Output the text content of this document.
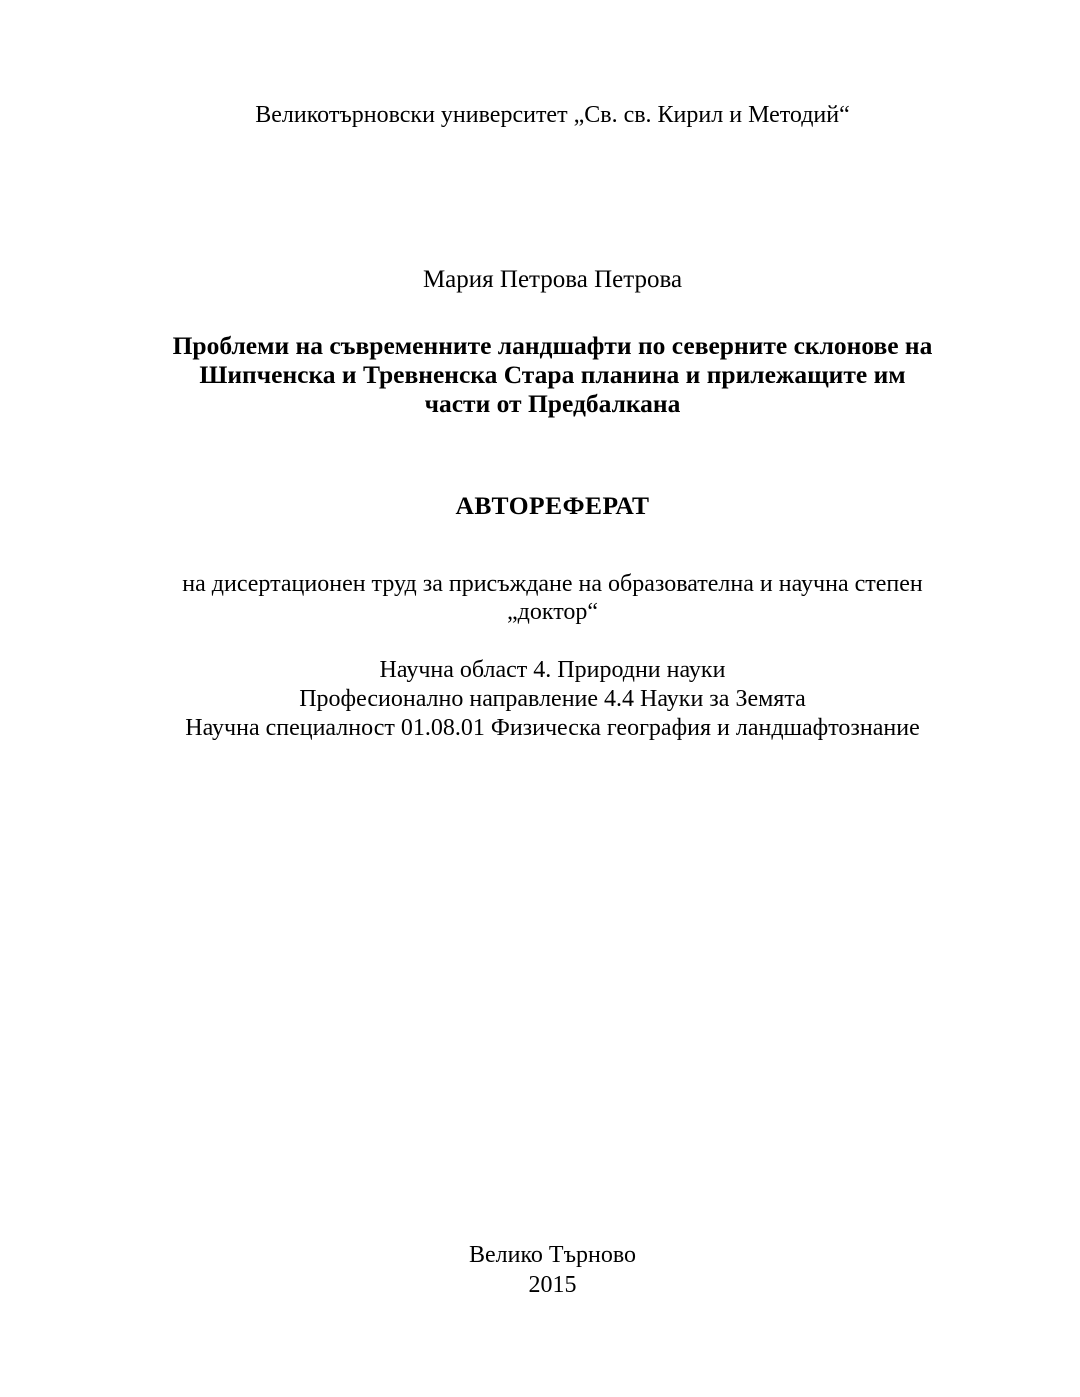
Великотърновски университет „Св. св. Кирил и Методий“
Мария Петрова Петрова
Проблеми на съвременните ландшафти по северните склонове на
Шипченска и Тревненска Стара планина и прилежащите им
части от Предбалкана
АВТОРЕФЕРАТ
на дисертационен труд за присъждане на образователна и научна степен
„доктор“
Научна област 4. Природни науки
Професионално направление 4.4 Науки за Земята
Научна специалност 01.08.01 Физическа география и ландшафтознание
Велико Търново
2015
